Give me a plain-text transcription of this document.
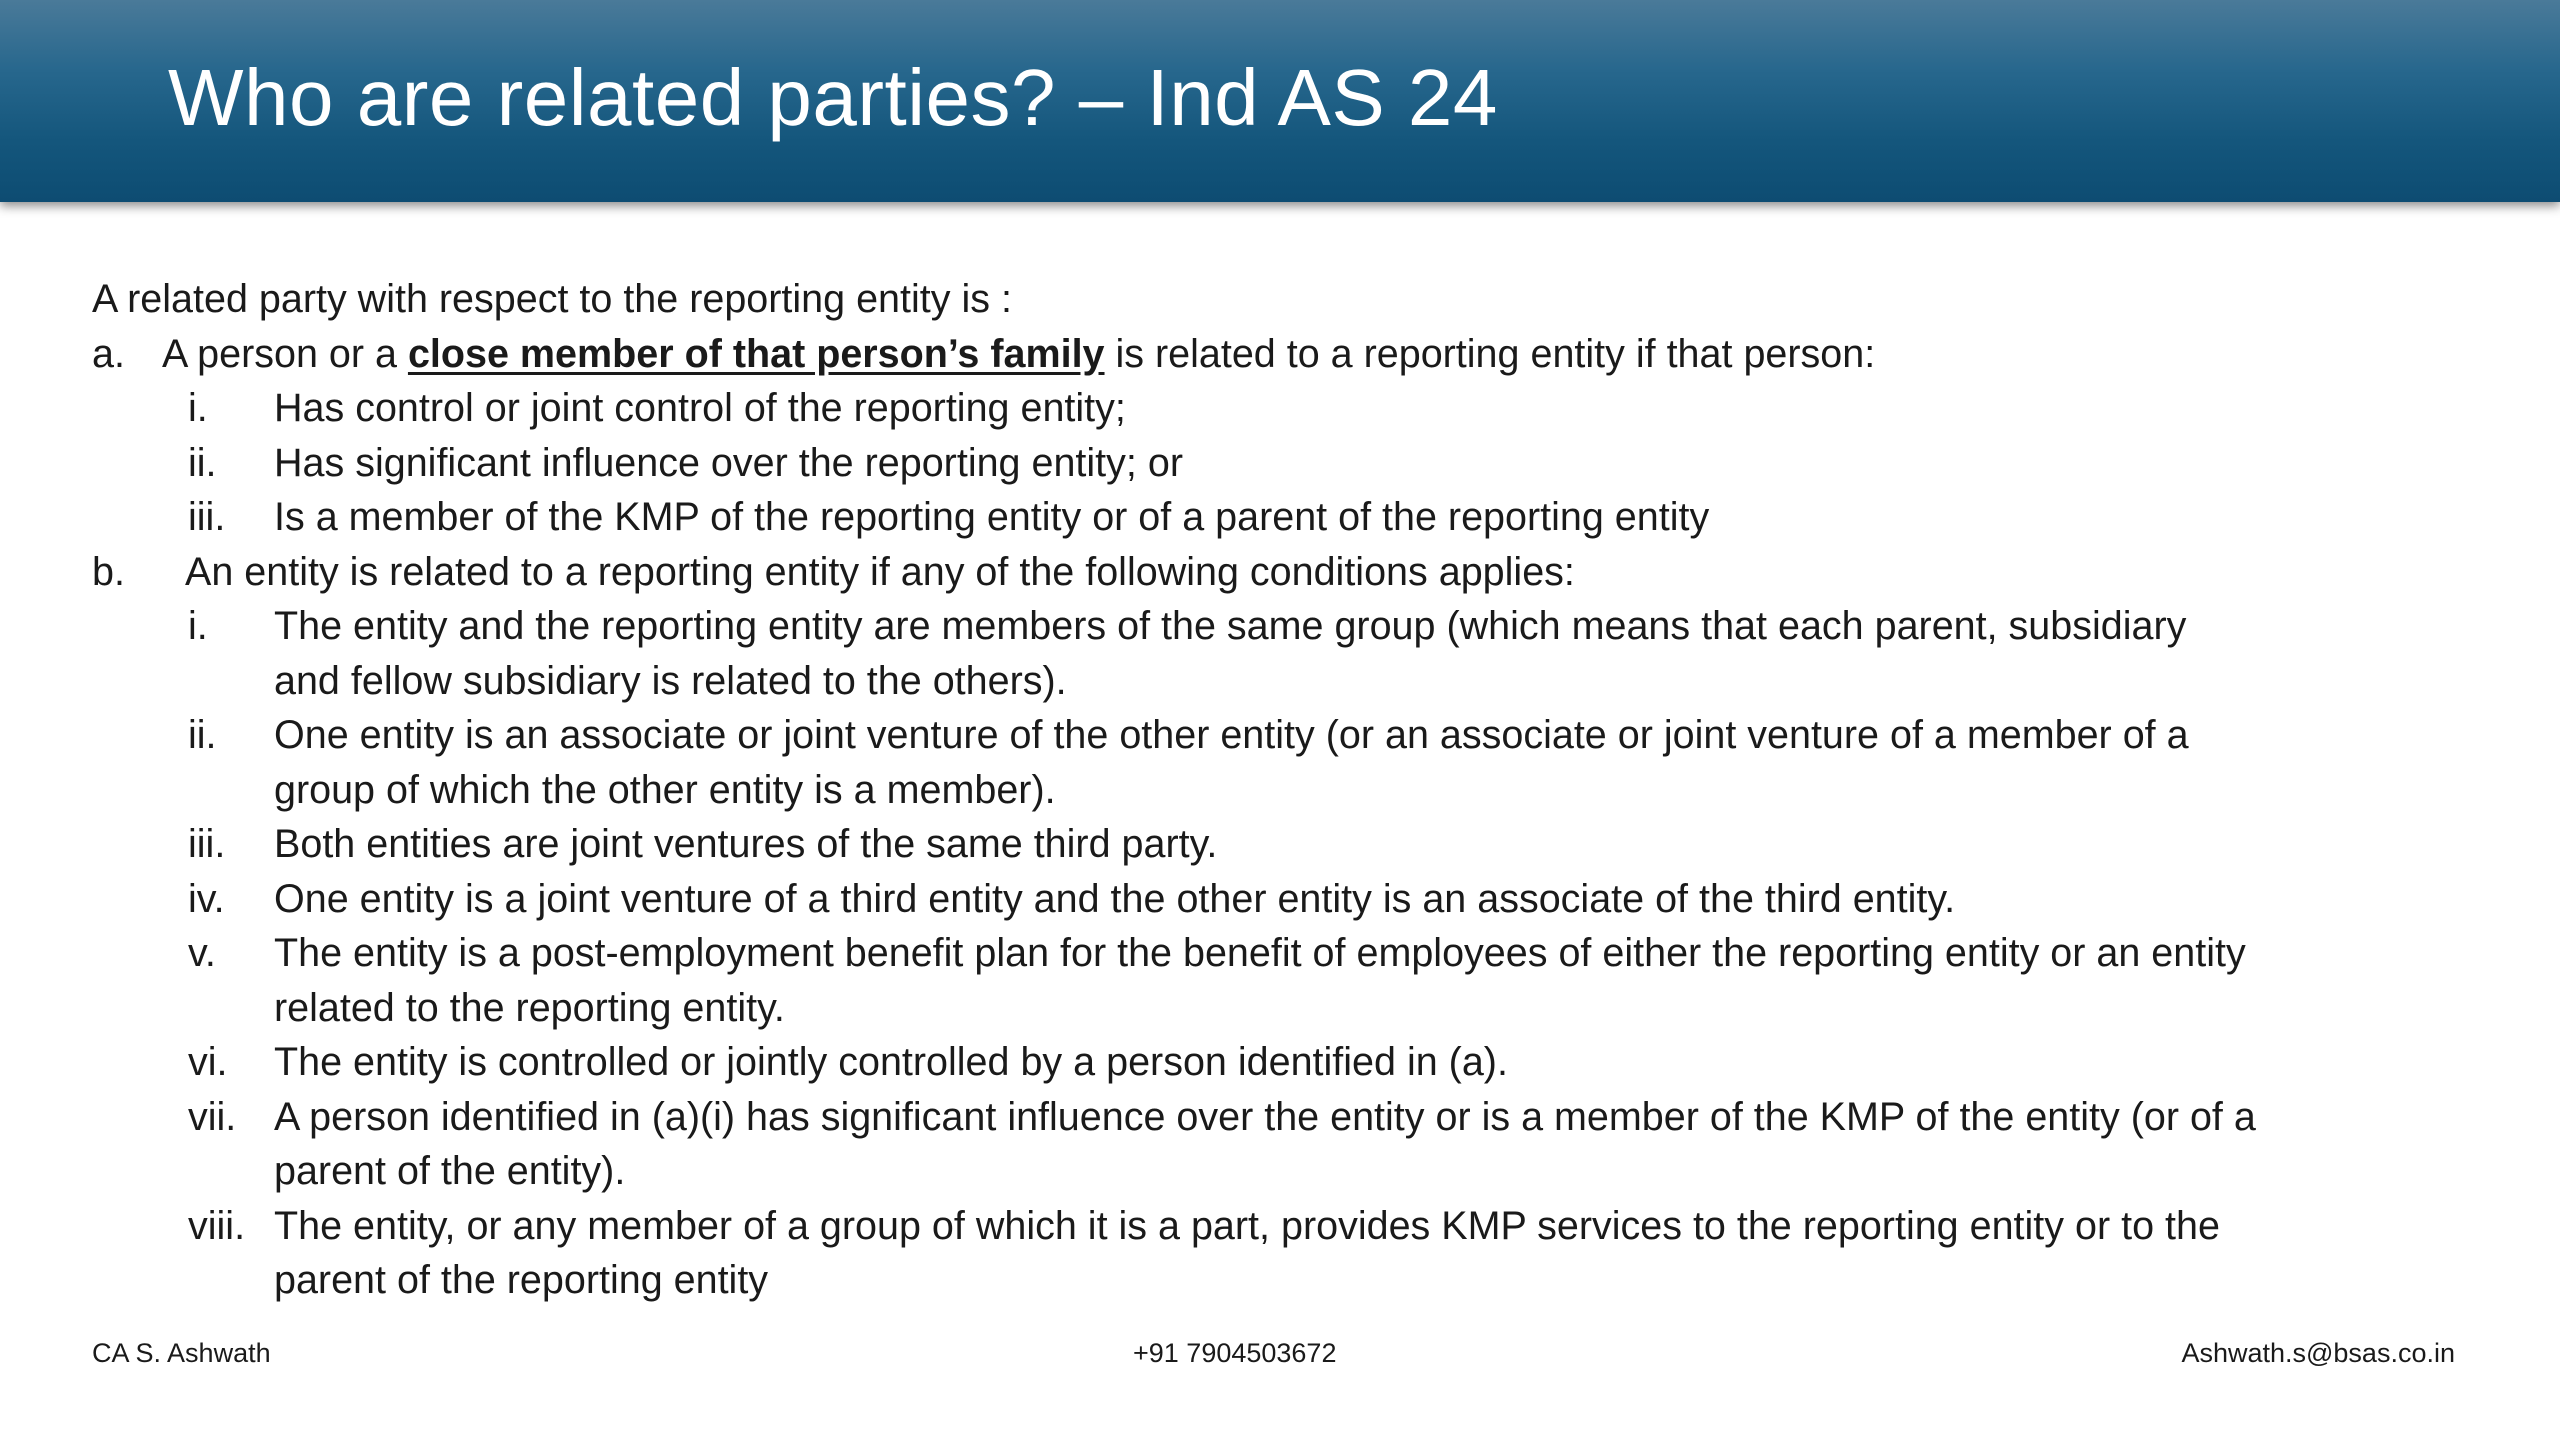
Who are related parties? – Ind AS 24
A related party with respect to the reporting entity is :
a. A person or a close member of that person’s family is related to a reporting entity if that person:
i. Has control or joint control of the reporting entity;
ii. Has significant influence over the reporting entity; or
iii. Is a member of the KMP of the reporting entity or of a parent of the reporting entity
b. An entity is related to a reporting entity if any of the following conditions applies:
i. The entity and the reporting entity are members of the same group (which means that each parent, subsidiary
and fellow subsidiary is related to the others).
ii. One entity is an associate or joint venture of the other entity (or an associate or joint venture of a member of a
group of which the other entity is a member).
iii. Both entities are joint ventures of the same third party.
iv. One entity is a joint venture of a third entity and the other entity is an associate of the third entity.
v. The entity is a post-employment benefit plan for the benefit of employees of either the reporting entity or an entity
related to the reporting entity.
vi. The entity is controlled or jointly controlled by a person identified in (a).
vii. A person identified in (a)(i) has significant influence over the entity or is a member of the KMP of the entity (or of a
parent of the entity).
viii. The entity, or any member of a group of which it is a part, provides KMP services to the reporting entity or to the
parent of the reporting entity
CA S. Ashwath	+91 7904503672	Ashwath.s@bsas.co.in
